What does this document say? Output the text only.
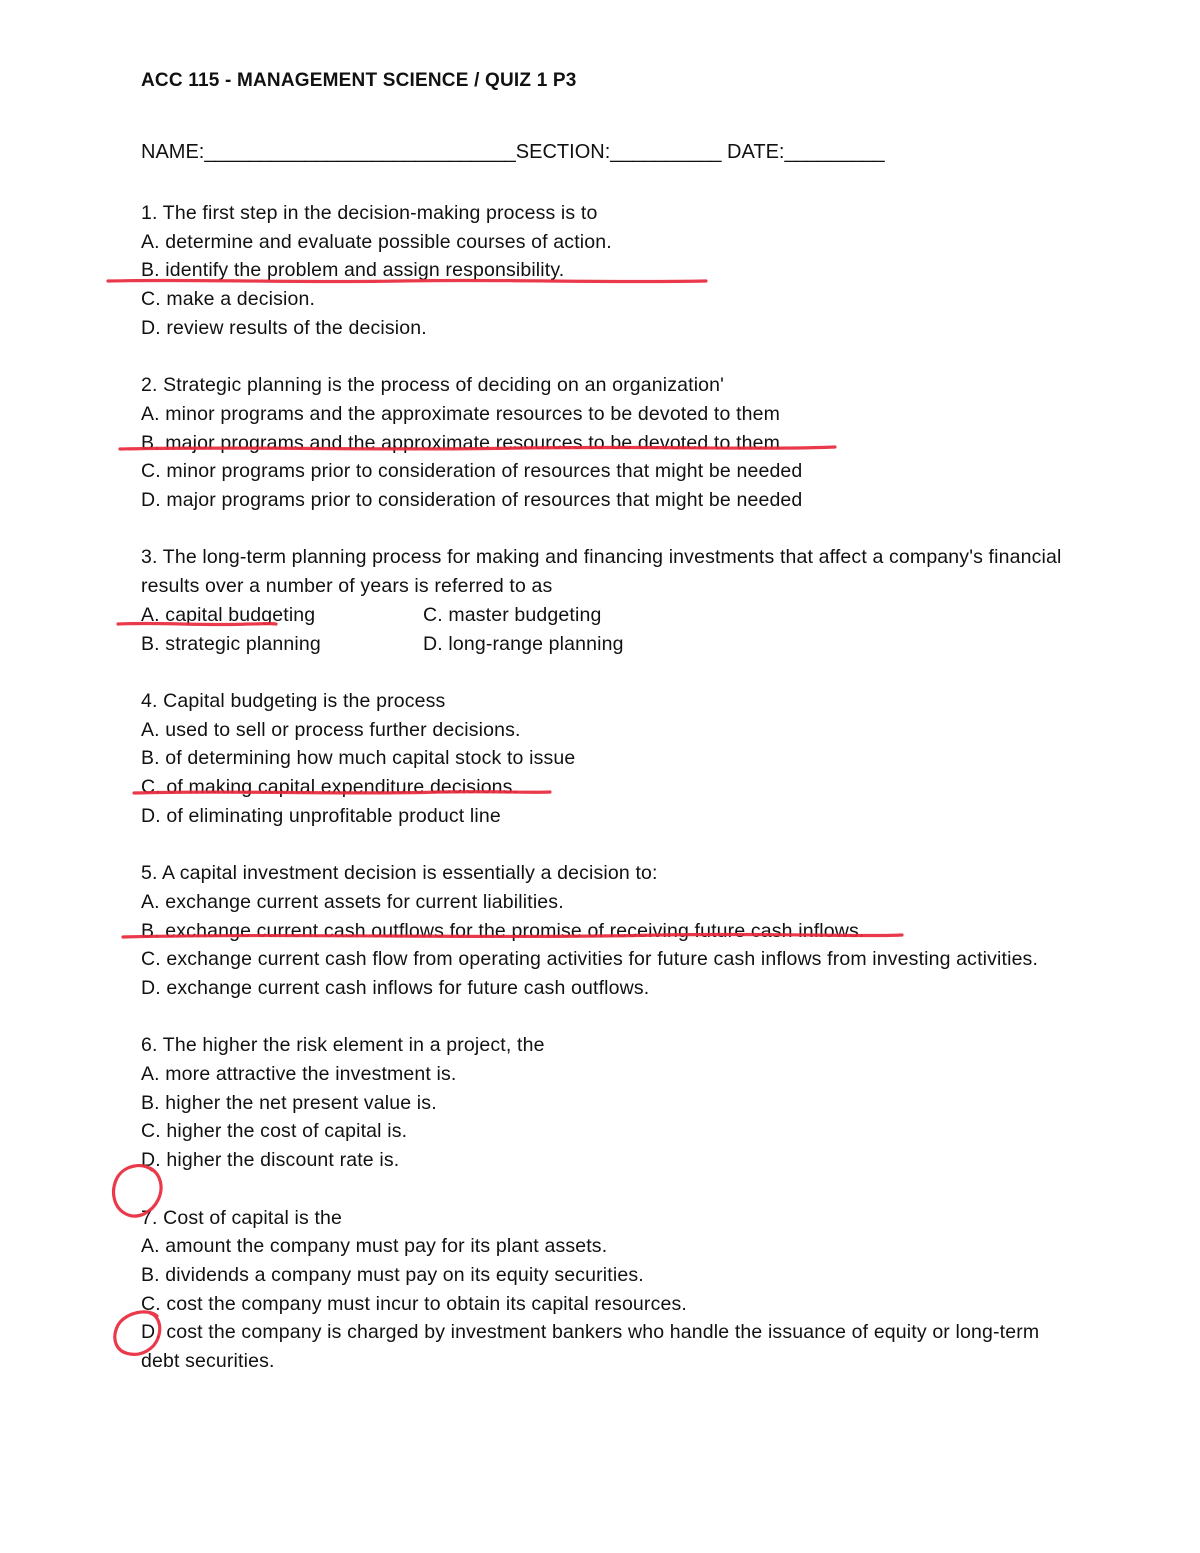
ACC 115 - MANAGEMENT SCIENCE / QUIZ 1 P3
NAME:____________________________SECTION:__________ DATE:_________
1. The first step in the decision-making process is to
A. determine and evaluate possible courses of action.
B. identify the problem and assign responsibility.
C. make a decision.
D. review results of the decision.
2. Strategic planning is the process of deciding on an organization'
A. minor programs and the approximate resources to be devoted to them
B. major programs and the approximate resources to be devoted to them
C. minor programs prior to consideration of resources that might be needed
D. major programs prior to consideration of resources that might be needed
3. The long-term planning process for making and financing investments that affect a company's financial results over a number of years is referred to as
A. capital budgeting	C. master budgeting
B. strategic planning	D. long-range planning
4. Capital budgeting is the process
A. used to sell or process further decisions.
B. of determining how much capital stock to issue
C. of making capital expenditure decisions.
D. of eliminating unprofitable product line
5. A capital investment decision is essentially a decision to:
A. exchange current assets for current liabilities.
B. exchange current cash outflows for the promise of receiving future cash inflows.
C. exchange current cash flow from operating activities for future cash inflows from investing activities.
D. exchange current cash inflows for future cash outflows.
6. The higher the risk element in a project, the
A. more attractive the investment is.
B. higher the net present value is.
C. higher the cost of capital is.
D. higher the discount rate is.
7. Cost of capital is the
A. amount the company must pay for its plant assets.
B. dividends a company must pay on its equity securities.
C. cost the company must incur to obtain its capital resources.
D. cost the company is charged by investment bankers who handle the issuance of equity or long-term debt securities.
